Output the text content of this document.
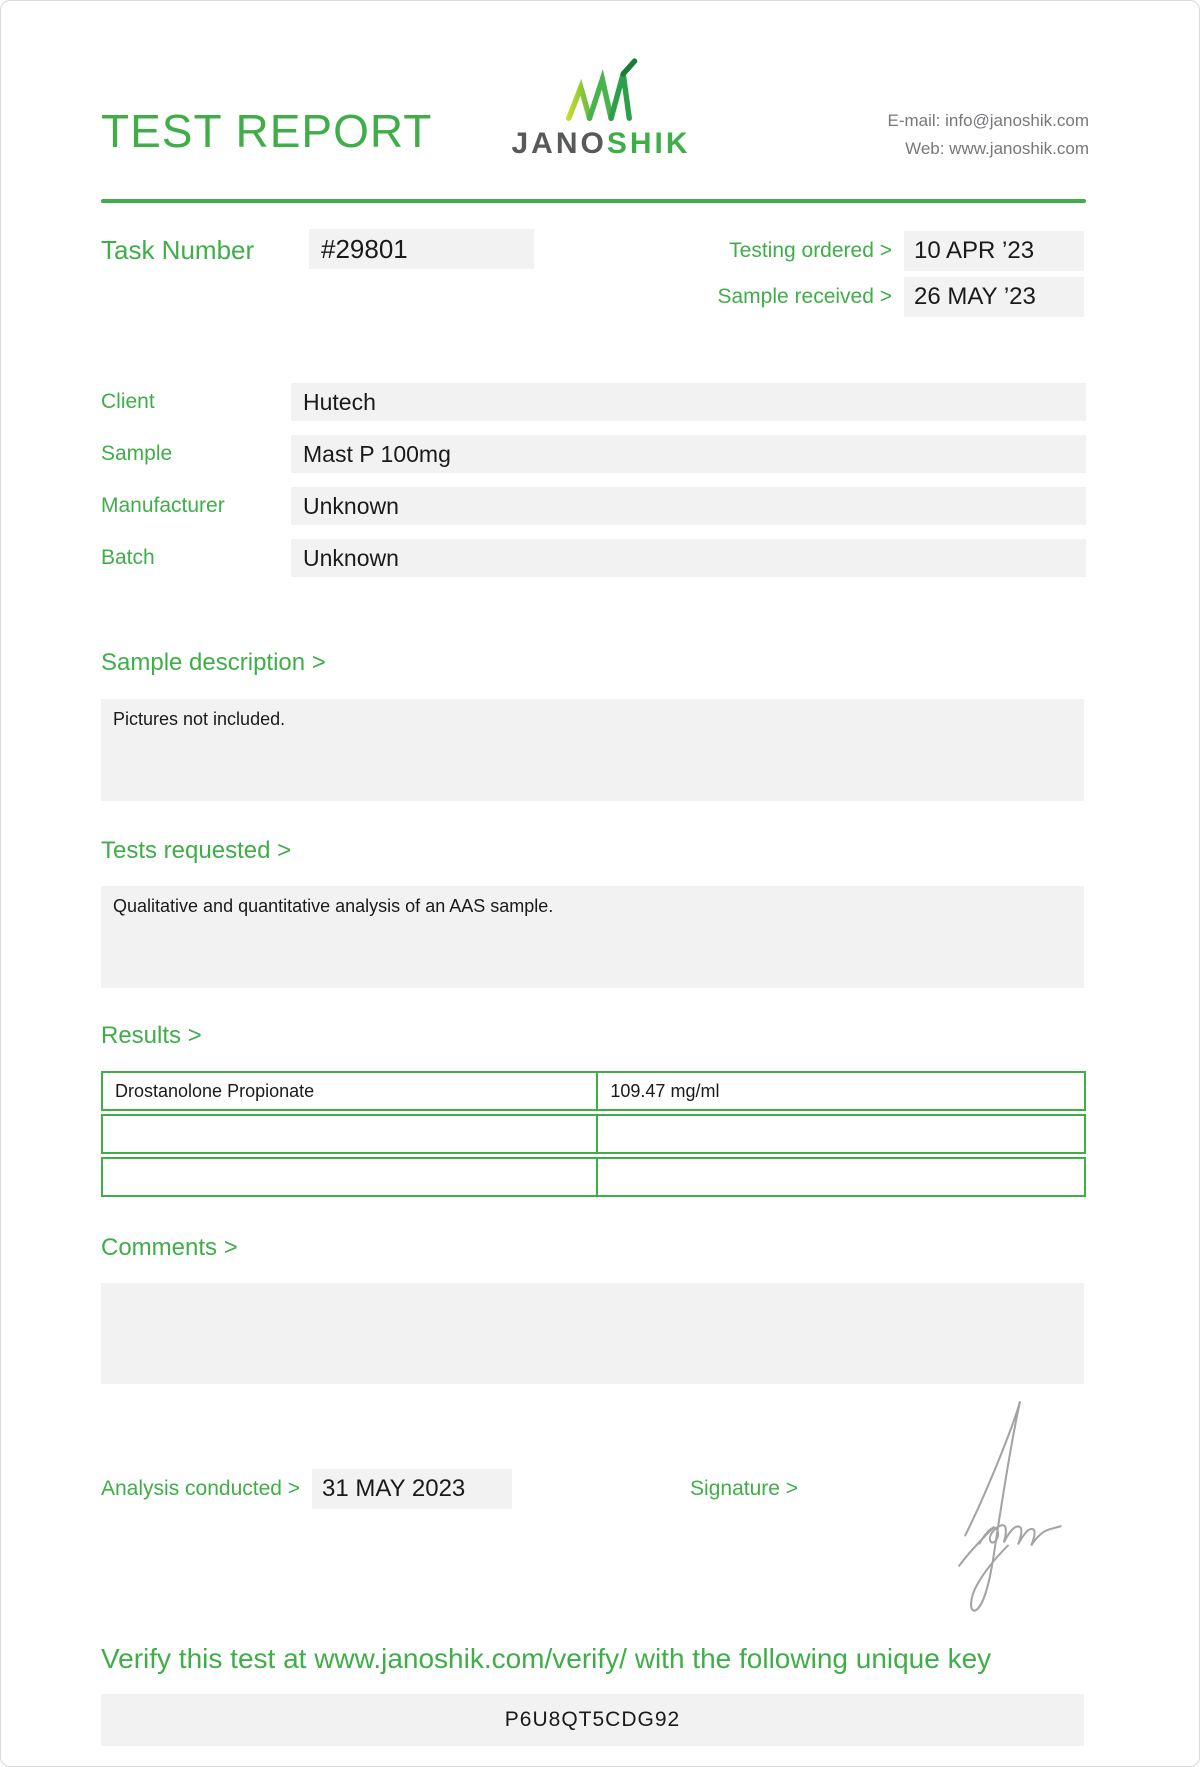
TEST REPORT	JANOSHIK
E-mail: info@janoshik.com
Web: www.janoshik.com
Task Number	#29801	Testing ordered > 10 APR ’23
Sample received > 26 MAY ’23
Client	Hutech
Sample	Mast P 100mg
Manufacturer	Unknown
Batch	Unknown
Sample description >
Pictures not included.
Tests requested >
Qualitative and quantitative analysis of an AAS sample.
Results >
Drostanolone Propionate	109.47 mg/ml
Comments >
Analysis conducted > 31 MAY 2023	Signature >
Verify this test at www.janoshik.com/verify/ with the following unique key
P6U8QT5CDG92
